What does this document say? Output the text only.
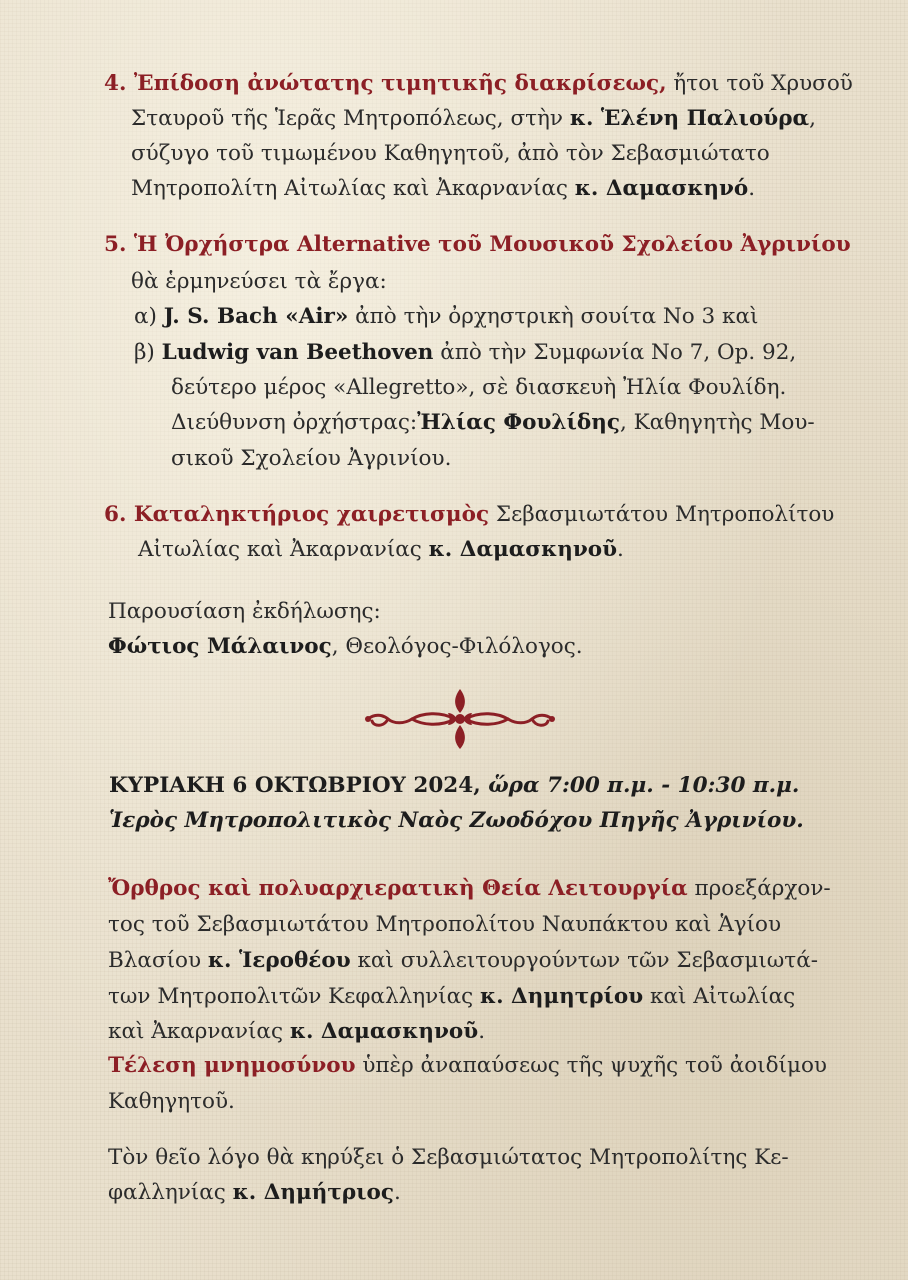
4. Ἐπίδοση ἀνώτατης τιμητικῆς διακρίσεως, ἤτοι τοῦ Χρυσοῦ
Σταυροῦ τῆς Ἱερᾶς Μητροπόλεως, στὴν κ. Ἑλένη Παλιούρα,
σύζυγο τοῦ τιμωμένου Καθηγητοῦ, ἀπὸ τὸν Σεβασμιώτατο
Μητροπολίτη Αἰτωλίας καὶ Ἀκαρνανίας κ. Δαμασκηνό.
5. Ἡ Ὀρχήστρα Alternative τοῦ Μουσικοῦ Σχολείου Ἀγρινίου
θὰ ἑρμηνεύσει τὰ ἔργα:
α) J. S. Bach «Air» ἀπὸ τὴν ὀρχηστρικὴ σουίτα Νο 3 καὶ
β) Ludwig van Beethoven ἀπὸ τὴν Συμφωνία Νο 7, Op. 92,
δεύτερο μέρος «Allegretto», σὲ διασκευὴ Ἠλία Φουλίδη.
Διεύθυνση ὀρχήστρας:Ἠλίας Φουλίδης, Καθηγητὴς Μου-
σικοῦ Σχολείου Ἀγρινίου.
6. Καταληκτήριος χαιρετισμὸς Σεβασμιωτάτου Μητροπολίτου
Αἰτωλίας καὶ Ἀκαρνανίας κ. Δαμασκηνοῦ.
Παρουσίαση ἐκδήλωσης:
Φώτιος Μάλαινος, Θεολόγος-Φιλόλογος.
ΚΥΡΙΑΚΗ 6 ΟΚΤΩΒΡΙΟΥ 2024, ὥρα 7:00 π.μ. - 10:30 π.μ.
Ἱερὸς Μητροπολιτικὸς Ναὸς Ζωοδόχου Πηγῆς Ἀγρινίου.
Ὄρθρος καὶ πολυαρχιερατικὴ Θεία Λειτουργία προεξάρχον-
τος τοῦ Σεβασμιωτάτου Μητροπολίτου Ναυπάκτου καὶ Ἁγίου
Βλασίου κ. Ἱεροθέου καὶ συλλειτουργούντων τῶν Σεβασμιωτά-
των Μητροπολιτῶν Κεφαλληνίας κ. Δημητρίου καὶ Αἰτωλίας
καὶ Ἀκαρνανίας κ. Δαμασκηνοῦ.
Τέλεση μνημοσύνου ὑπὲρ ἀναπαύσεως τῆς ψυχῆς τοῦ ἀοιδίμου
Καθηγητοῦ.
Τὸν θεῖο λόγο θὰ κηρύξει ὁ Σεβασμιώτατος Μητροπολίτης Κε-
φαλληνίας κ. Δημήτριος.
